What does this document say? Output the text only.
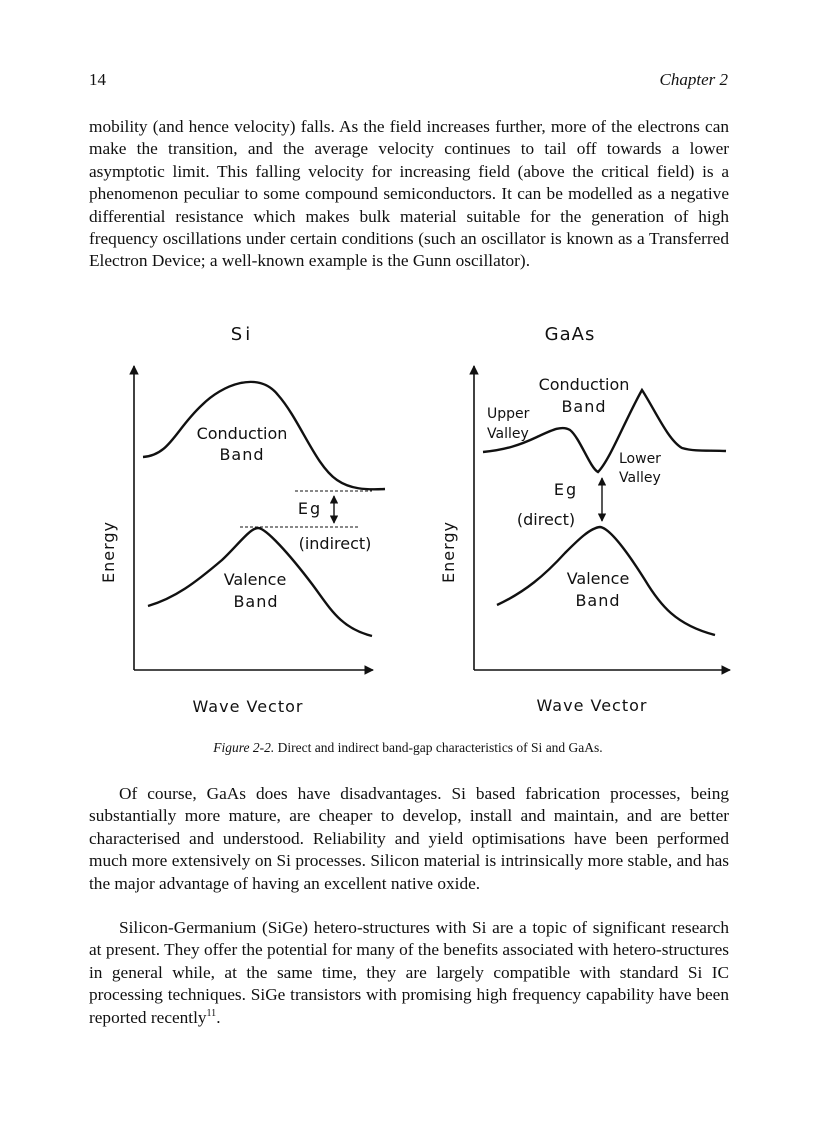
14	Chapter 2

mobility (and hence velocity) falls. As the field increases further, more of the electrons can make the transition, and the average velocity continues to tail off towards a lower asymptotic limit. This falling velocity for increasing field (above the critical field) is a phenomenon peculiar to some compound semiconductors. It can be modelled as a negative differential resistance which makes bulk material suitable for the generation of high frequency oscillations under certain conditions (such an oscillator is known as a Transferred Electron Device; a well-known example is the Gunn oscillator).

Si
Conduction
Band
Eg
(indirect)
Valence
Band
Energy
Wave Vector
GaAs
Conduction
Band
Upper
Valley
Lower
Valley
Eg
(direct)
Valence
Band
Energy
Wave Vector
Figure 2-2. Direct and indirect band-gap characteristics of Si and GaAs.

Of course, GaAs does have disadvantages. Si based fabrication processes, being substantially more mature, are cheaper to develop, install and maintain, and are better characterised and understood. Reliability and yield optimisations have been performed much more extensively on Si processes. Silicon material is intrinsically more stable, and has the major advantage of having an excellent native oxide.

Silicon-Germanium (SiGe) hetero-structures with Si are a topic of significant research at present. They offer the potential for many of the benefits associated with hetero-structures in general while, at the same time, they are largely compatible with standard Si IC processing techniques. SiGe transistors with promising high frequency capability have been reported recently$^{11}$.
